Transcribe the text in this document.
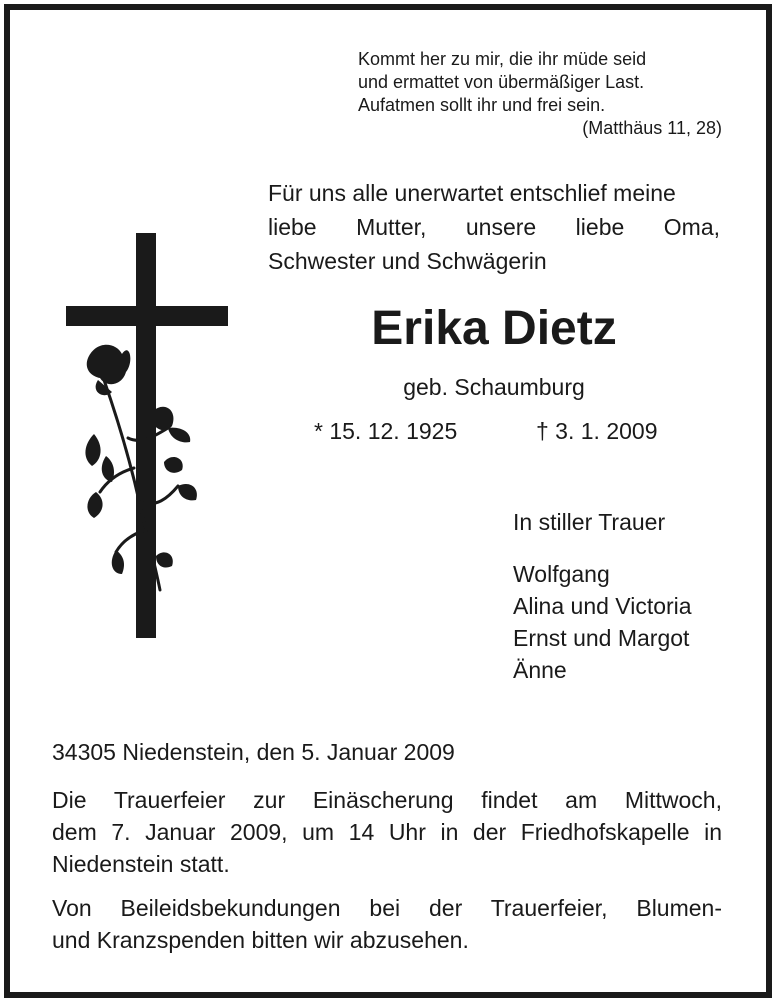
Kommt her zu mir, die ihr müde seid
und ermattet von übermäßiger Last.
Aufatmen sollt ihr und frei sein.
(Matthäus 11, 28)
Für uns alle unerwartet entschlief meine
liebe Mutter, unsere liebe Oma,
Schwester und Schwägerin
Erika Dietz
geb. Schaumburg
* 15. 12. 1925	† 3. 1. 2009
In stiller Trauer
Wolfgang
Alina und Victoria
Ernst und Margot
Änne
34305 Niedenstein, den 5. Januar 2009
Die Trauerfeier zur Einäscherung findet am Mittwoch,
dem 7. Januar 2009, um 14 Uhr in der Friedhofskapelle in
Niedenstein statt.
Von Beileidsbekundungen bei der Trauerfeier, Blumen-
und Kranzspenden bitten wir abzusehen.
